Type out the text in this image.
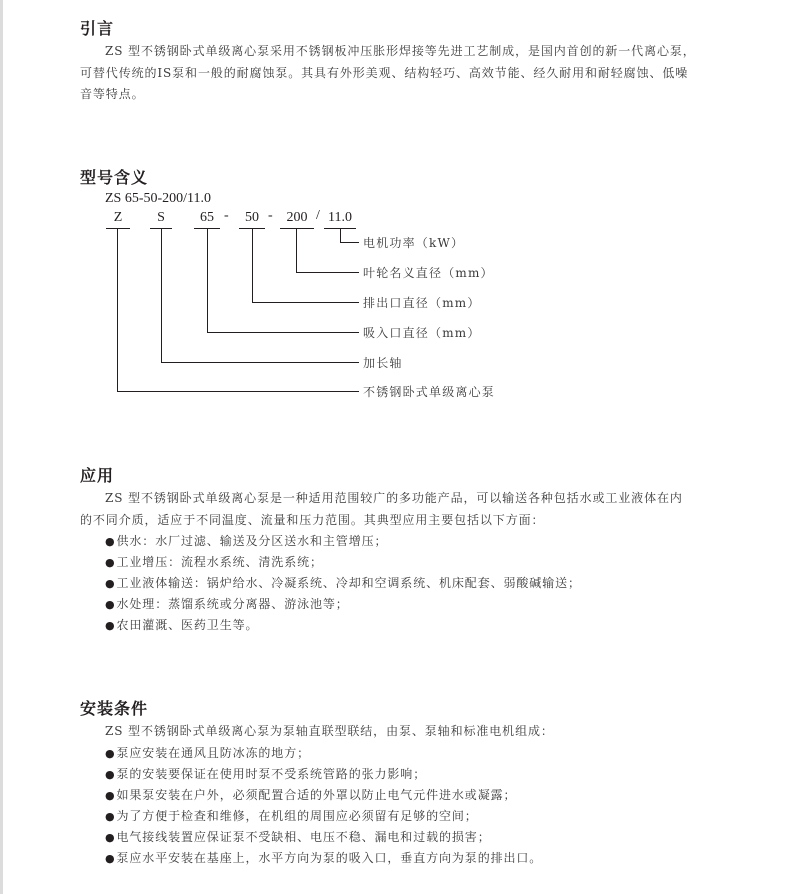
引言

ZS 型不锈钢卧式单级离心泵采用不锈钢板冲压胀形焊接等先进工艺制成，是国内首创的新一代离心泵，
可替代传统的IS泵和一般的耐腐蚀泵。其具有外形美观、结构轻巧、高效节能、经久耐用和耐轻腐蚀、低噪
音等特点。

型号含义
ZS 65-50-200/11.0
Z	S	65 - 50 - 200 / 11.0
电机功率（kW）
叶轮名义直径（mm）
排出口直径（mm）
吸入口直径（mm）
加长轴
不锈钢卧式单级离心泵
应用

ZS 型不锈钢卧式单级离心泵是一种适用范围较广的多功能产品，可以输送各种包括水或工业液体在内
的不同介质，适应于不同温度、流量和压力范围。其典型应用主要包括以下方面：

●供水：水厂过滤、输送及分区送水和主管增压；
●工业增压：流程水系统、清洗系统；
●工业液体输送：锅炉给水、冷凝系统、冷却和空调系统、机床配套、弱酸碱输送；
●水处理：蒸馏系统或分离器、游泳池等；
●农田灌溉、医药卫生等。
安装条件

ZS 型不锈钢卧式单级离心泵为泵轴直联型联结，由泵、泵轴和标准电机组成：

●泵应安装在通风且防冰冻的地方；
●泵的安装要保证在使用时泵不受系统管路的张力影响；
●如果泵安装在户外，必须配置合适的外罩以防止电气元件进水或凝露；
●为了方便于检查和维修，在机组的周围应必须留有足够的空间；
●电气接线装置应保证泵不受缺相、电压不稳、漏电和过载的损害；
●泵应水平安装在基座上，水平方向为泵的吸入口，垂直方向为泵的排出口。
